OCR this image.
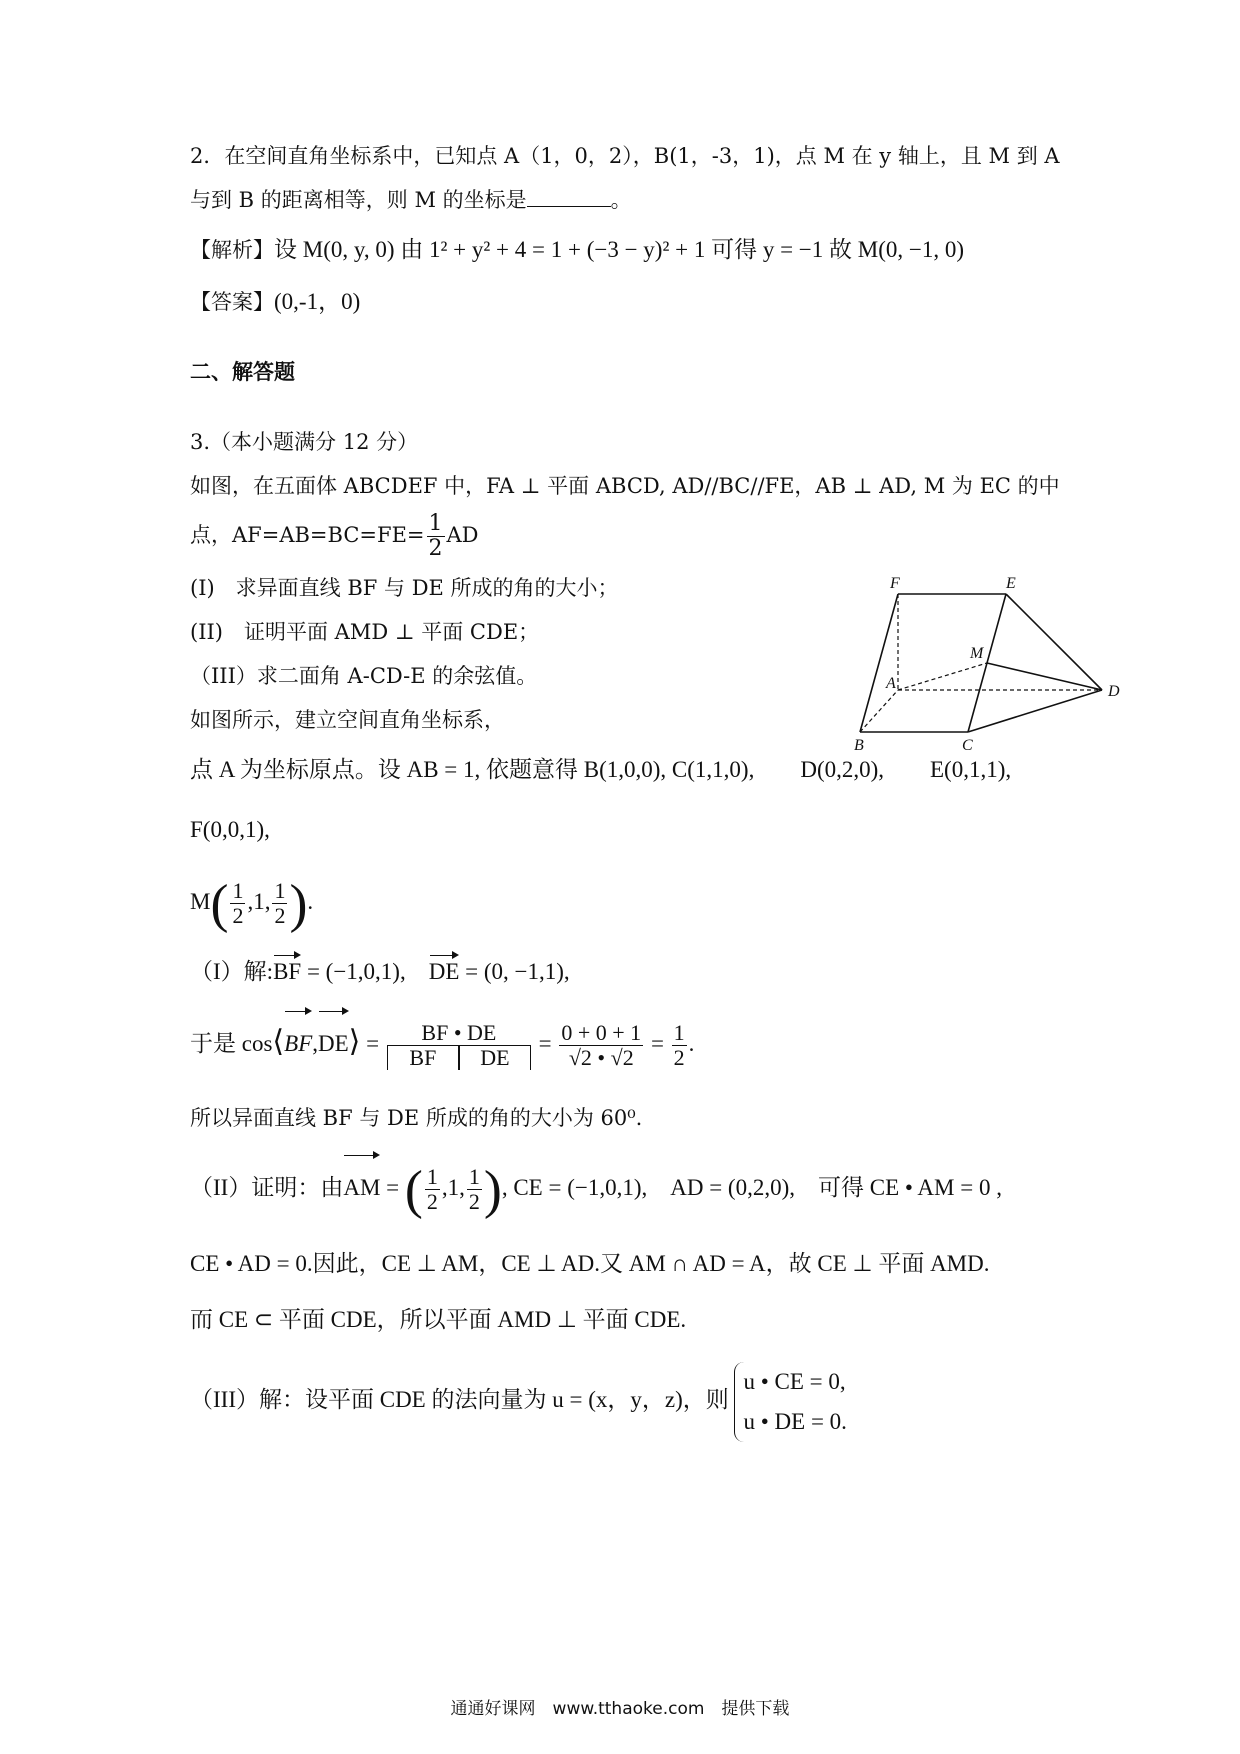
2．在空间直角坐标系中，已知点 A（1，0，2），B(1，-3，1)，点 M 在 y 轴上，且 M 到 A
与到 B 的距离相等，则 M 的坐标是	。
【解析】设 M(0, y, 0) 由 1² + y² + 4 = 1 + (−3 − y)² + 1 可得 y = −1 故 M(0, −1, 0)
【答案】(0,-1，0)
二、解答题
3.（本小题满分 12 分）
如图，在五面体 ABCDEF 中，FA ⊥ 平面 ABCD, AD//BC//FE，AB ⊥ AD, M 为 EC 的中
点，$AF=AB=BC=FE= \frac{1}{2}$ AD
(I)　求异面直线 BF 与 DE 所成的角的大小；
(II)　证明平面 AMD ⊥ 平面 CDE；
（III）求二面角 A-CD-E 的余弦值。
如图所示，建立空间直角坐标系，
点 A 为坐标原点。设 AB = 1, 依题意得 B(1,0,0), C(1,1,0),　　D(0,2,0),　　E(0,1,1),
F(0,0,1),
$M( \frac{1}{2} ,1$, $\frac{1}{2}$ ).
（I）解:BF = (−1,0,1),　DE = (0, −1,1),
于是 cos⟨BF,DE⟩ = $\frac{BF • DE}{\text{BF DE}} = \frac{0 + 0 + 1}{√2 • √2} = \frac{1}{2}$ .
所以异面直线 BF 与 DE 所成的角的大小为 60⁰.
（II）证明：由AM = ( $\frac{1}{2} ,1$, $\frac{1}{2}$ ), CE = (−1,0,1),　AD = (0,2,0),　可得 CE • AM = 0 ,
CE • AD = 0.因此，CE ⊥ AM，CE ⊥ AD.又 AM ∩ AD = A，故 CE ⊥ 平面 AMD.
而 CE ⊂ 平面 CDE，所以平面 AMD ⊥ 平面 CDE.
（III）解：设平面 CDE 的法向量为 u = (x，y，z)，则
u • CE = 0,
u • DE = 0.
F	E
M
A	D
B	C
通通好课网　www.tthaoke.com　提供下载
